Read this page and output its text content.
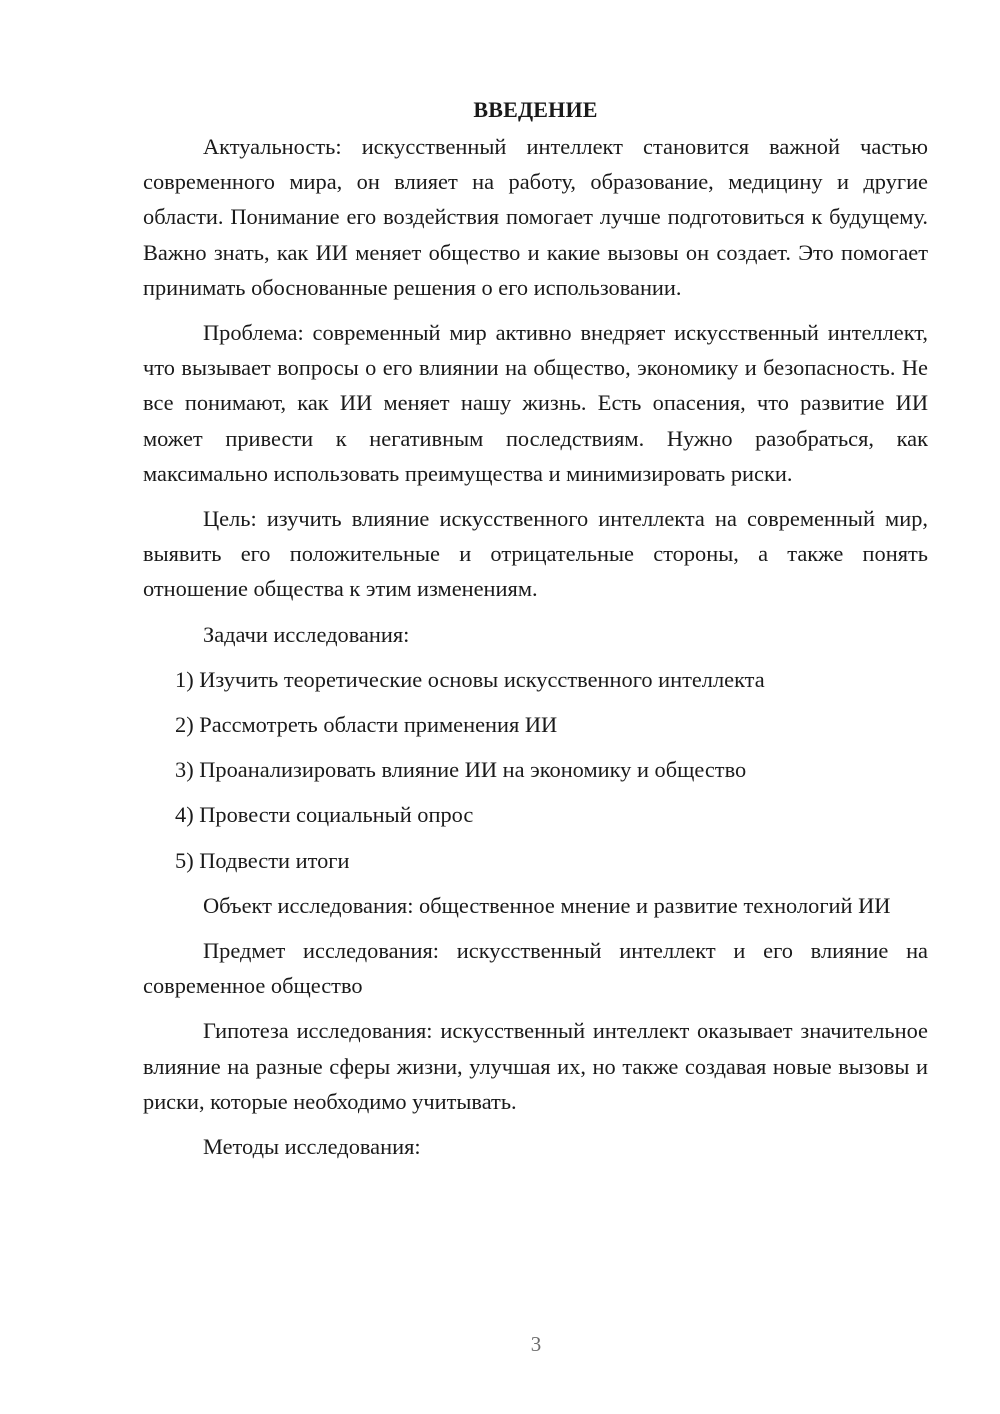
ВВЕДЕНИЕ

Актуальность: искусственный интеллект становится важной частью современного мира, он влияет на работу, образование, медицину и другие области. Понимание его воздействия помогает лучше подготовиться к будущему. Важно знать, как ИИ меняет общество и какие вызовы он создает. Это помогает принимать обоснованные решения о его использовании.

Проблема: современный мир активно внедряет искусственный интеллект, что вызывает вопросы о его влиянии на общество, экономику и безопасность. Не все понимают, как ИИ меняет нашу жизнь. Есть опасения, что развитие ИИ может привести к негативным последствиям. Нужно разобраться, как максимально использовать преимущества и минимизировать риски.

Цель: изучить влияние искусственного интеллекта на современный мир, выявить его положительные и отрицательные стороны, а также понять отношение общества к этим изменениям.

Задачи исследования:

1) Изучить теоретические основы искусственного интеллекта
2) Рассмотреть области применения ИИ
3) Проанализировать влияние ИИ на экономику и общество
4) Провести социальный опрос
5) Подвести итоги

Объект исследования: общественное мнение и развитие технологий ИИ

Предмет исследования: искусственный интеллект и его влияние на современное общество

Гипотеза исследования: искусственный интеллект оказывает значительное влияние на разные сферы жизни, улучшая их, но также создавая новые вызовы и риски, которые необходимо учитывать.

Методы исследования:

3
